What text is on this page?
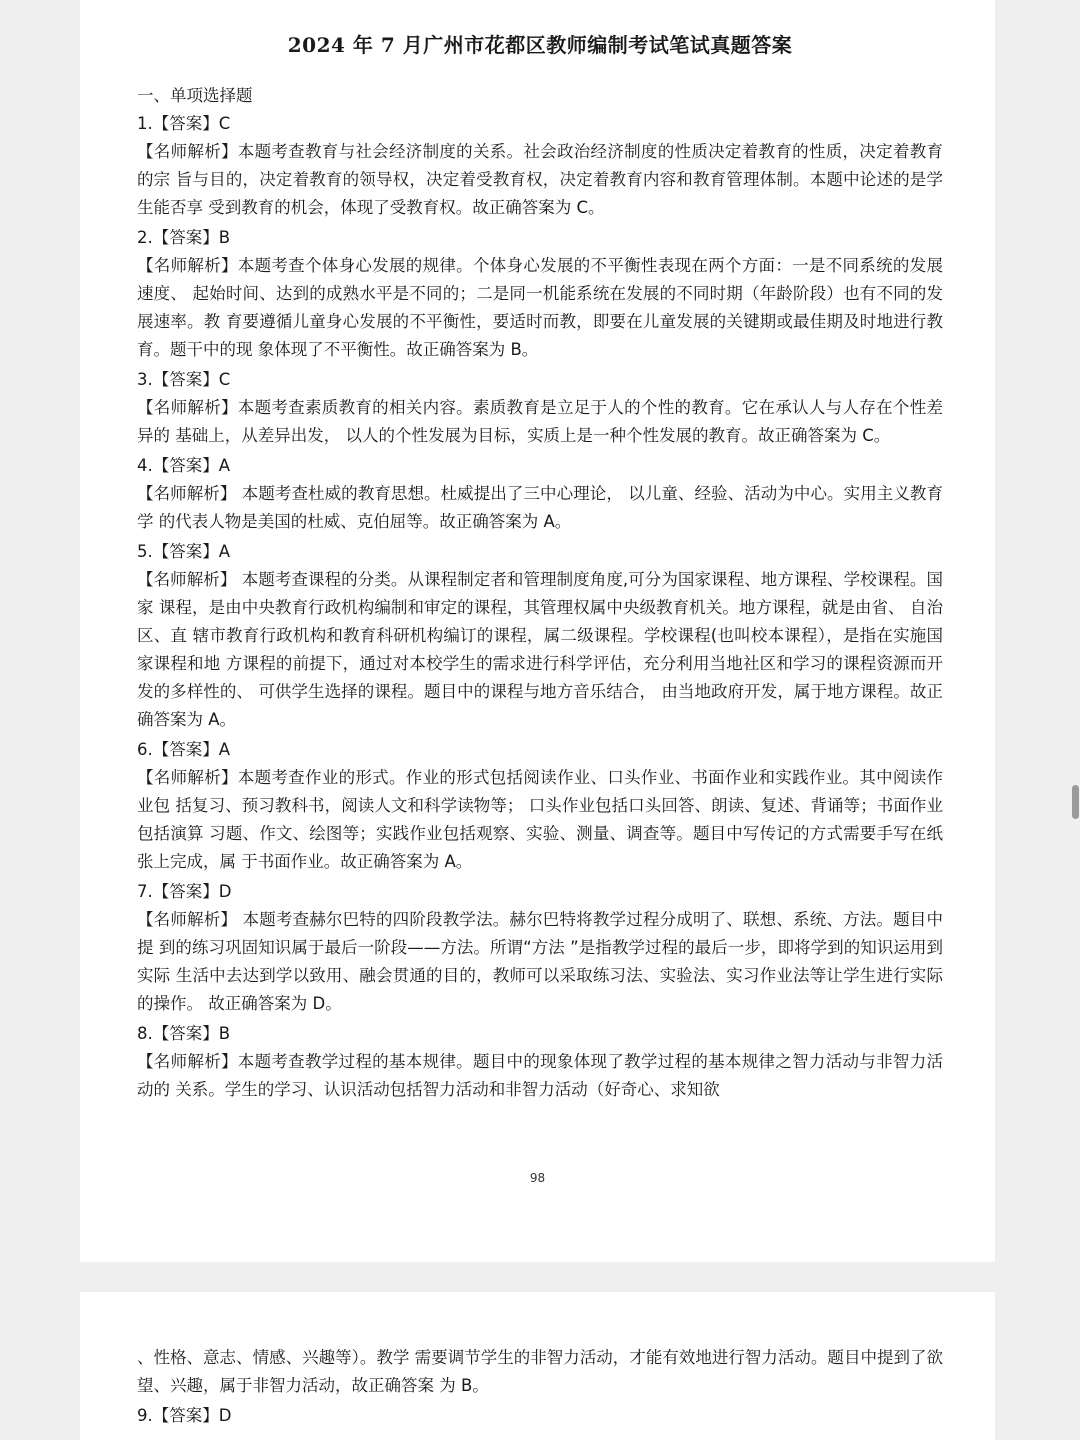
2024 年 7 月广州市花都区教师编制考试笔试真题答案

一、单项选择题

1.【答案】C

【名师解析】本题考查教育与社会经济制度的关系。社会政治经济制度的性质决定着教育的性质，决定着教育的宗 旨与目的，决定着教育的领导权，决定着受教育权，决定着教育内容和教育管理体制。本题中论述的是学生能否享 受到教育的机会，体现了受教育权。故正确答案为 C。

2.【答案】B

【名师解析】本题考查个体身心发展的规律。个体身心发展的不平衡性表现在两个方面：一是不同系统的发展速度、 起始时间、达到的成熟水平是不同的；二是同一机能系统在发展的不同时期（年龄阶段）也有不同的发展速率。教 育要遵循儿童身心发展的不平衡性，要适时而教，即要在儿童发展的关键期或最佳期及时地进行教育。题干中的现 象体现了不平衡性。故正确答案为 B。

3.【答案】C

【名师解析】本题考查素质教育的相关内容。素质教育是立足于人的个性的教育。它在承认人与人存在个性差异的 基础上，从差异出发， 以人的个性发展为目标，实质上是一种个性发展的教育。故正确答案为 C。

4.【答案】A

【名师解析】 本题考查杜威的教育思想。杜威提出了三中心理论， 以儿童、经验、活动为中心。实用主义教育学 的代表人物是美国的杜威、克伯屈等。故正确答案为 A。

5.【答案】A

【名师解析】 本题考查课程的分类。从课程制定者和管理制度角度,可分为国家课程、地方课程、学校课程。国家 课程，是由中央教育行政机构编制和审定的课程，其管理权属中央级教育机关。地方课程，就是由省、 自治区、直 辖市教育行政机构和教育科研机构编订的课程，属二级课程。学校课程(也叫校本课程），是指在实施国家课程和地 方课程的前提下，通过对本校学生的需求进行科学评估，充分利用当地社区和学习的课程资源而开发的多样性的、 可供学生选择的课程。题目中的课程与地方音乐结合， 由当地政府开发，属于地方课程。故正确答案为 A。

6.【答案】A

【名师解析】本题考查作业的形式。作业的形式包括阅读作业、口头作业、书面作业和实践作业。其中阅读作业包 括复习、预习教科书，阅读人文和科学读物等； 口头作业包括口头回答、朗读、复述、背诵等；书面作业包括演算 习题、作文、绘图等；实践作业包括观察、实验、测量、调查等。题目中写传记的方式需要手写在纸张上完成，属 于书面作业。故正确答案为 A。

7.【答案】D

【名师解析】 本题考查赫尔巴特的四阶段教学法。赫尔巴特将教学过程分成明了、联想、系统、方法。题目中提 到的练习巩固知识属于最后一阶段——方法。所谓“方法 ”是指教学过程的最后一步，即将学到的知识运用到实际 生活中去达到学以致用、融会贯通的目的，教师可以采取练习法、实验法、实习作业法等让学生进行实际的操作。 故正确答案为 D。

8.【答案】B

【名师解析】本题考查教学过程的基本规律。题目中的现象体现了教学过程的基本规律之智力活动与非智力活动的 关系。学生的学习、认识活动包括智力活动和非智力活动（好奇心、求知欲

98

、性格、意志、情感、兴趣等）。教学 需要调节学生的非智力活动，才能有效地进行智力活动。题目中提到了欲望、兴趣，属于非智力活动，故正确答案 为 B。

9.【答案】D
